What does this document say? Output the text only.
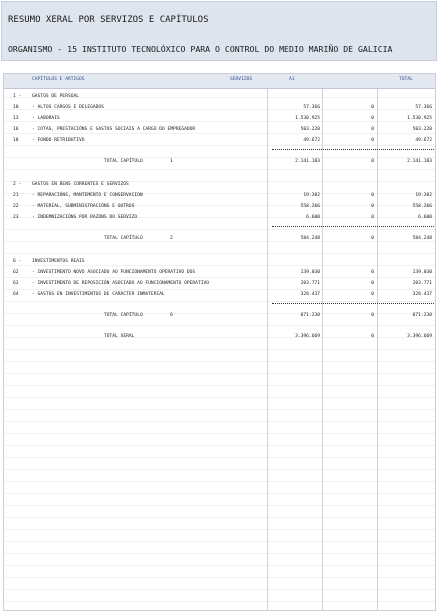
RESUMO XERAL POR SERVIZOS E CAPÍTULOS
ORGANISMO - 15 INSTITUTO TECNOLÓXICO PARA O CONTROL DO MEDIO MARIÑO DE GALICIA
CAPÍTULOS E ARTIGOS	SERVIZOS	A1	TOTAL
1 - GASTOS DE PERSOAL
10	- ALTOS CARGOS E DELEGADOS	57.366	0	57.366
13	- LABORAIS	1.530.925	0	1.530.925
16	- COTAS, PRESTACIÓNS E GASTOS SOCIAIS A CARGO DO EMPREGADOR	503.220	0	503.220
18	- FONDO RETRIBUTIVO	49.672	0	49.672
TOTAL CAPÍTULO	1	2.141.183	0	2.141.183
2 - GASTOS EN BENS CORRENTES E SERVIZOS
21	- REPARACIÓNS, MANTEMENTO E CONSERVACIÓN	19.382	0	19.382
22	- MATERIAL, SUBMINISTRACIÓNS E OUTROS	558.266	0	558.266
23	- INDEMNIZACIÓNS POR RAZÓNS DO SERVIZO	6.600	0	6.600
TOTAL CAPÍTULO	2	584.248	0	584.248
6 - INVESTIMENTOS REAIS
62	- INVESTIMENTO NOVO ASOCIADO AO FUNCIONAMENTO OPERATIVO DOS	139.030	0	139.030
63	- INVESTIMENTO DE REPOSICIÓN ASOCIADO AO FUNCIONAMENTO OPERATIVO	203.771	0	203.771
64	- GASTOS EN INVESTIMENTOS DE CARÁCTER INMATERIAL	328.437	0	328.437
TOTAL CAPÍTULO	6	671.238	0	671.238
TOTAL XERAL	3.396.669	0	3.396.669
